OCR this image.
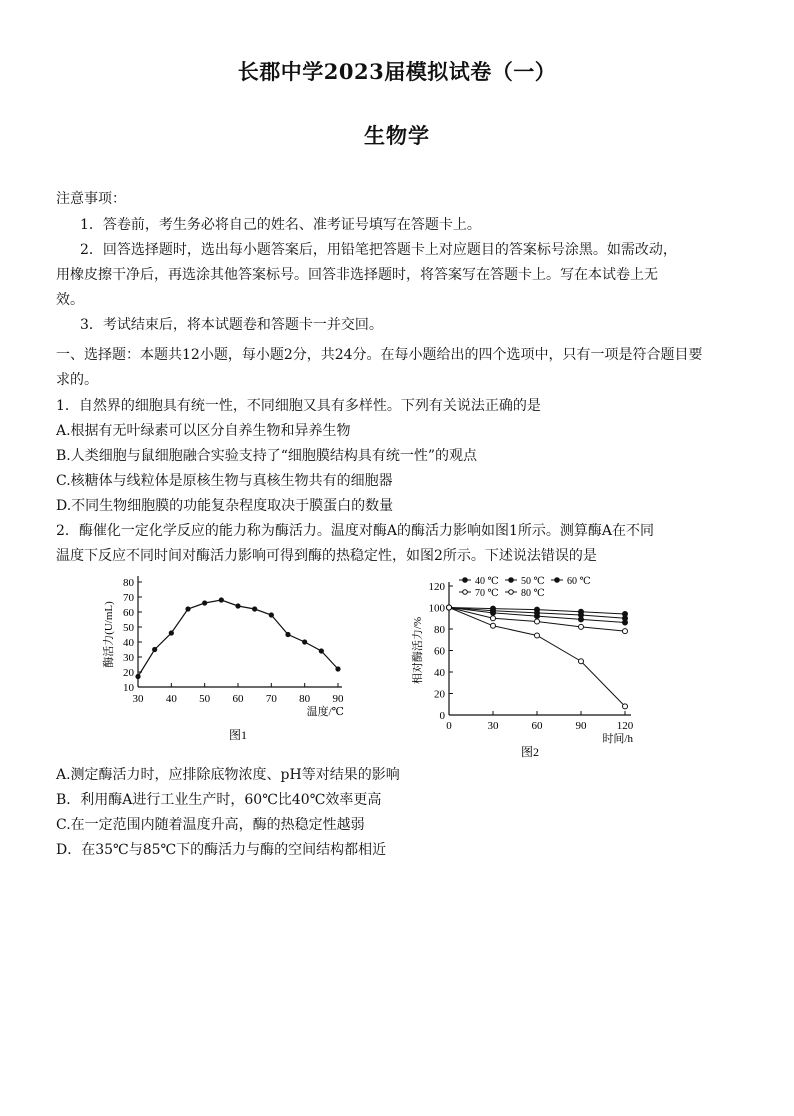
长郡中学2023届模拟试卷（一）
生物学
注意事项：
1．答卷前，考生务必将自己的姓名、准考证号填写在答题卡上。
2．回答选择题时，选出每小题答案后，用铅笔把答题卡上对应题目的答案标号涂黑。如需改动，
用橡皮擦干净后，再选涂其他答案标号。回答非选择题时，将答案写在答题卡上。写在本试卷上无
效。
3．考试结束后，将本试题卷和答题卡一并交回。
一、选择题：本题共12小题，每小题2分，共24分。在每小题给出的四个选项中，只有一项是符合题目要
求的。
1．自然界的细胞具有统一性，不同细胞又具有多样性。下列有关说法正确的是
A.根据有无叶绿素可以区分自养生物和异养生物
B.人类细胞与鼠细胞融合实验支持了“细胞膜结构具有统一性”的观点
C.核糖体与线粒体是原核生物与真核生物共有的细胞器
D.不同生物细胞膜的功能复杂程度取决于膜蛋白的数量
2．酶催化一定化学反应的能力称为酶活力。温度对酶A的酶活力影响如图1所示。测算酶A在不同
温度下反应不同时间对酶活力影响可得到酶的热稳定性，如图2所示。下述说法错误的是
30 40 50 60 70 80 90
10
20
30
40
50
60
70
80
酶活力(U/mL)
温度/℃
图1
0	30	60	90	120
0
20
40
60
80
100
120
相对酶活力/%
时间/h
40 ℃ 50 ℃ 60 ℃
70 ℃ 80 ℃
图2
A.测定酶活力时，应排除底物浓度、pH等对结果的影响
B．利用酶A进行工业生产时，60℃比40℃效率更高
C.在一定范围内随着温度升高，酶的热稳定性越弱
D．在35℃与85℃下的酶活力与酶的空间结构都相近
